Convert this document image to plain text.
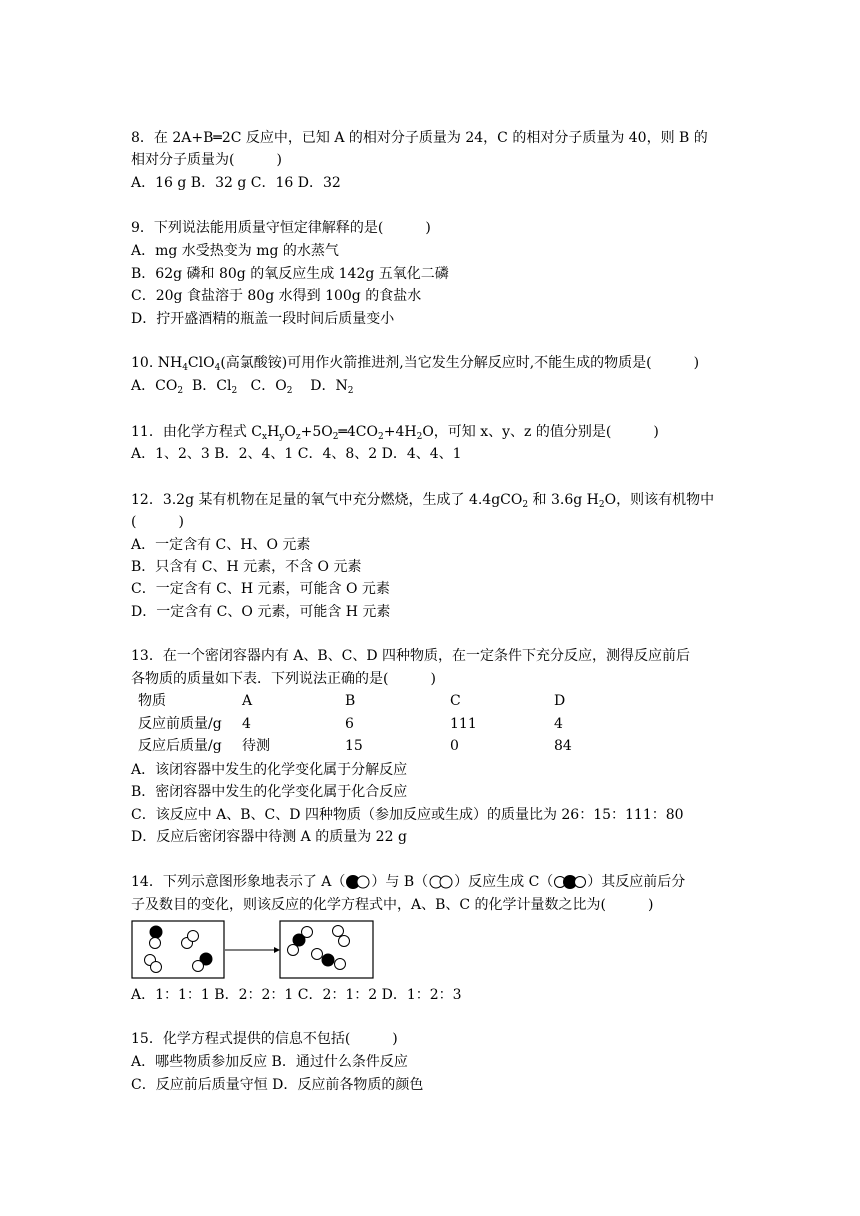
8．在 2A+B═2C 反应中，已知 A 的相对分子质量为 24，C 的相对分子质量为 40，则 B 的
相对分子质量为(　　　)
A．16 g B．32 g C．16 D．32
9．下列说法能用质量守恒定律解释的是(　　　)
A．mg 水受热变为 mg 的水蒸气
B．62g 磷和 80g 的氧反应生成 142g 五氧化二磷
C．20g 食盐溶于 80g 水得到 100g 的食盐水
D．拧开盛酒精的瓶盖一段时间后质量变小
10. $NH_4ClO_4$(高氯酸铵)可用作火箭推进剂,当它发生分解反应时,不能生成的物质是(　　　)
A．$CO_2$  B．$Cl_2$   C．$O_2$    D．$N_2$
11．由化学方程式 $C_xH_yO_z+5O_2═4CO_2+4H_2O$，可知 x、y、z 的值分别是(　　　)
A．1、2、3 B．2、4、1 C．4、8、2 D．4、4、1
12．3.2g 某有机物在足量的氧气中充分燃烧，生成了 4.4gCO$_2$ 和 3.6g $H_2O$，则该有机物中
(　　　)
A．一定含有 C、H、O 元素
B．只含有 C、H 元素，不含 O 元素
C．一定含有 C、H 元素，可能含 O 元素
D．一定含有 C、O 元素，可能含 H 元素
13．在一个密闭容器内有 A、B、C、D 四种物质，在一定条件下充分反应，测得反应前后
各物质的质量如下表．下列说法正确的是(　　　)
物质	A	B	C	D
反应前质量/g 4	6	111	4
反应后质量/g 待测	15	0	84
A．该闭容器中发生的化学变化属于分解反应
B．密闭容器中发生的化学变化属于化合反应
C．该反应中 A、B、C、D 四种物质（参加反应或生成）的质量比为 26：15：111：80
D．反应后密闭容器中待测 A 的质量为 22 g
14．下列示意图形象地表示了 A（ ）与 B（ ）反应生成 C（ ）其反应前后分
子及数目的变化，则该反应的化学方程式中，A、B、C 的化学计量数之比为(　　　)
A．1：1：1 B．2：2：1 C．2：1：2 D．1：2：3
15．化学方程式提供的信息不包括(　　　)
A．哪些物质参加反应 B．通过什么条件反应
C．反应前后质量守恒 D．反应前各物质的颜色
